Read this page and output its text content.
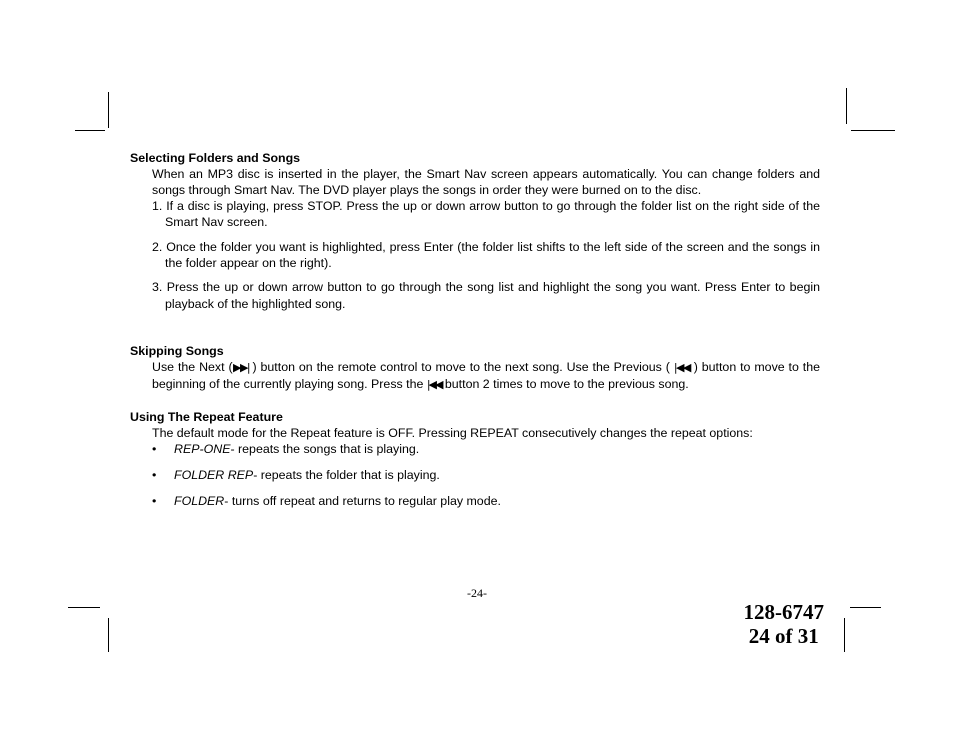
Selecting Folders and Songs

When an MP3 disc is inserted in the player, the Smart Nav screen appears automatically. You can change folders and songs through Smart Nav. The DVD player plays the songs in order they were burned on to the disc.

1. If a disc is playing, press STOP. Press the up or down arrow button to go through the folder list on the right side of the Smart Nav screen.

2. Once the folder you want is highlighted, press Enter (the folder list shifts to the left side of the screen and the songs in the folder appear on the right).

3. Press the up or down arrow button to go through the song list and highlight the song you want. Press Enter to begin playback of the highlighted song.

Skipping Songs

Use the Next (▶▶| ) button on the remote control to move to the next song. Use the Previous ( |◀◀ ) button to move to the beginning of the currently playing song. Press the |◀◀ button 2 times to move to the previous song.

Using The Repeat Feature

The default mode for the Repeat feature is OFF. Pressing REPEAT consecutively changes the repeat options:

•	REP-ONE- repeats the songs that is playing.
•	FOLDER REP- repeats the folder that is playing.
•	FOLDER- turns off repeat and returns to regular play mode.
-24-
128-6747
24 of 31
